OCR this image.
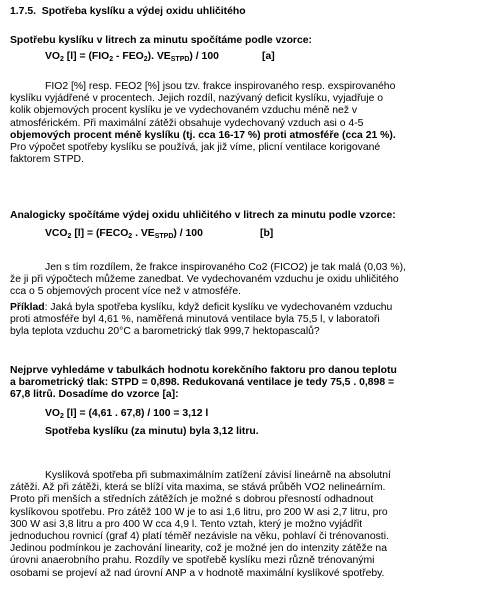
1.7.5. Spotřeba kyslíku a výdej oxidu uhličitého
Spotřebu kyslíku v litrech za minutu spočítáme podle vzorce:
VO2 [l] = (FIO2 - FEO2). VESTPD) / 100	[a]
FIO2 [%] resp. FEO2 [%] jsou tzv. frakce inspirovaného resp. exspirovaného
kyslíku vyjádřené v procentech. Jejich rozdíl, nazývaný deficit kyslíku, vyjadřuje o
kolik objemových procent kyslíku je ve vydechovaném vzduchu méně než v
atmosférickém. Při maximální zátěži obsahuje vydechovaný vzduch asi o 4-5
objemových procent méně kyslíku (tj. cca 16-17 %) proti atmosféře (cca 21 %).
Pro výpočet spotřeby kyslíku se používá, jak již víme, plicní ventilace korigované
faktorem STPD.
Analogicky spočítáme výdej oxidu uhličitého v litrech za minutu podle vzorce:
VCO2 [l] = (FECO2 . VESTPD) / 100	[b]
Jen s tím rozdílem, že frakce inspirovaného Co2 (FICO2) je tak malá (0,03 %),
že ji při výpočtech můžeme zanedbat. Ve vydechovaném vzduchu je oxidu uhličitého
cca o 5 objemových procent více než v atmosféře.
Příklad: Jaká byla spotřeba kyslíku, když deficit kyslíku ve vydechovaném vzduchu
proti atmosféře byl 4,61 %, naměřená minutová ventilace byla 75,5 l, v laboratoři
byla teplota vzduchu 20°C a barometrický tlak 999,7 hektopascalů?
Nejprve vyhledáme v tabulkách hodnotu korekčního faktoru pro danou teplotu
a barometrický tlak: STPD = 0,898. Redukovaná ventilace je tedy 75,5 . 0,898 =
67,8 litrů. Dosadíme do vzorce [a]:
VO2 [l] = (4,61 . 67,8) / 100 = 3,12 l
Spotřeba kyslíku (za minutu) byla 3,12 litru.
Kyslíková spotřeba při submaximálním zatížení závisí lineárně na absolutní
zátěži. Až při zátěži, která se blíží vita maxima, se stává průběh VO2 nelineárním.
Proto při menších a středních zátěžích je možné s dobrou přesností odhadnout
kyslíkovou spotřebu. Pro zátěž 100 W je to asi 1,6 litru, pro 200 W asi 2,7 litru, pro
300 W asi 3,8 litru a pro 400 W cca 4,9 l. Tento vztah, který je možno vyjádřit
jednoduchou rovnicí (graf 4) platí téměř nezávisle na věku, pohlaví či trénovanosti.
Jedinou podmínkou je zachování linearity, což je možné jen do intenzity zátěže na
úrovni anaerobního prahu. Rozdíly ve spotřebě kyslíku mezi různě trénovanými
osobami se projeví až nad úrovní ANP a v hodnotě maximální kyslíkové spotřeby.
